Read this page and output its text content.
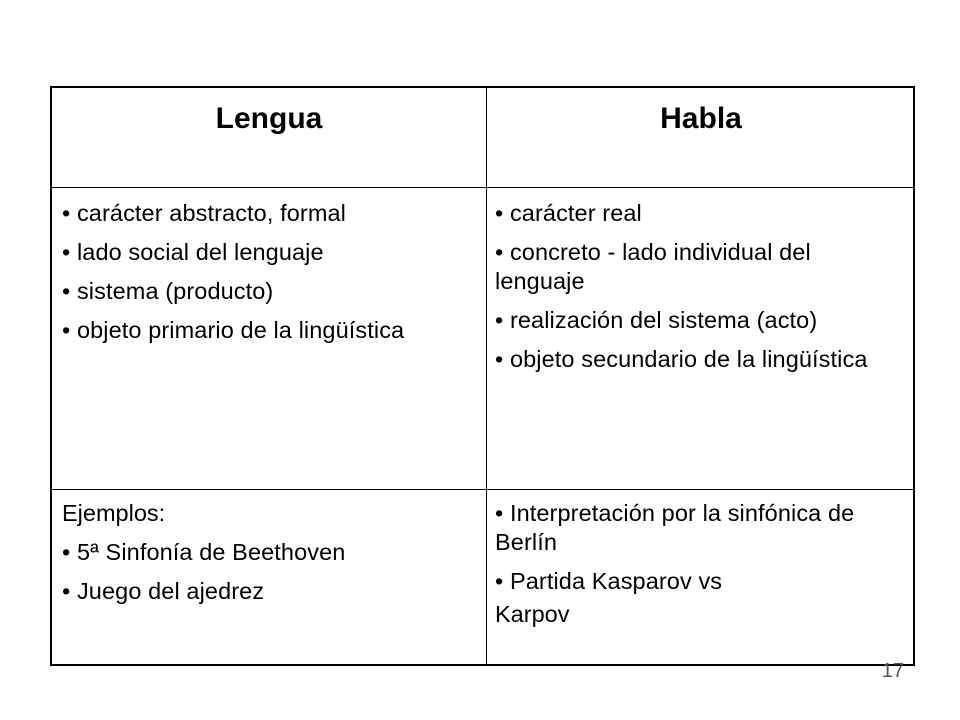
Lengua	Habla
• carácter abstracto, formal
• lado social del lenguaje
• sistema (producto)
• objeto primario de la lingüística
• carácter real
• concreto - lado individual del lenguaje
• realización del sistema (acto)
• objeto secundario de la lingüística
Ejemplos:
• 5ª Sinfonía de Beethoven
• Juego del ajedrez
• Interpretación por la sinfónica de Berlín
• Partida Kasparov vs
Karpov
17
